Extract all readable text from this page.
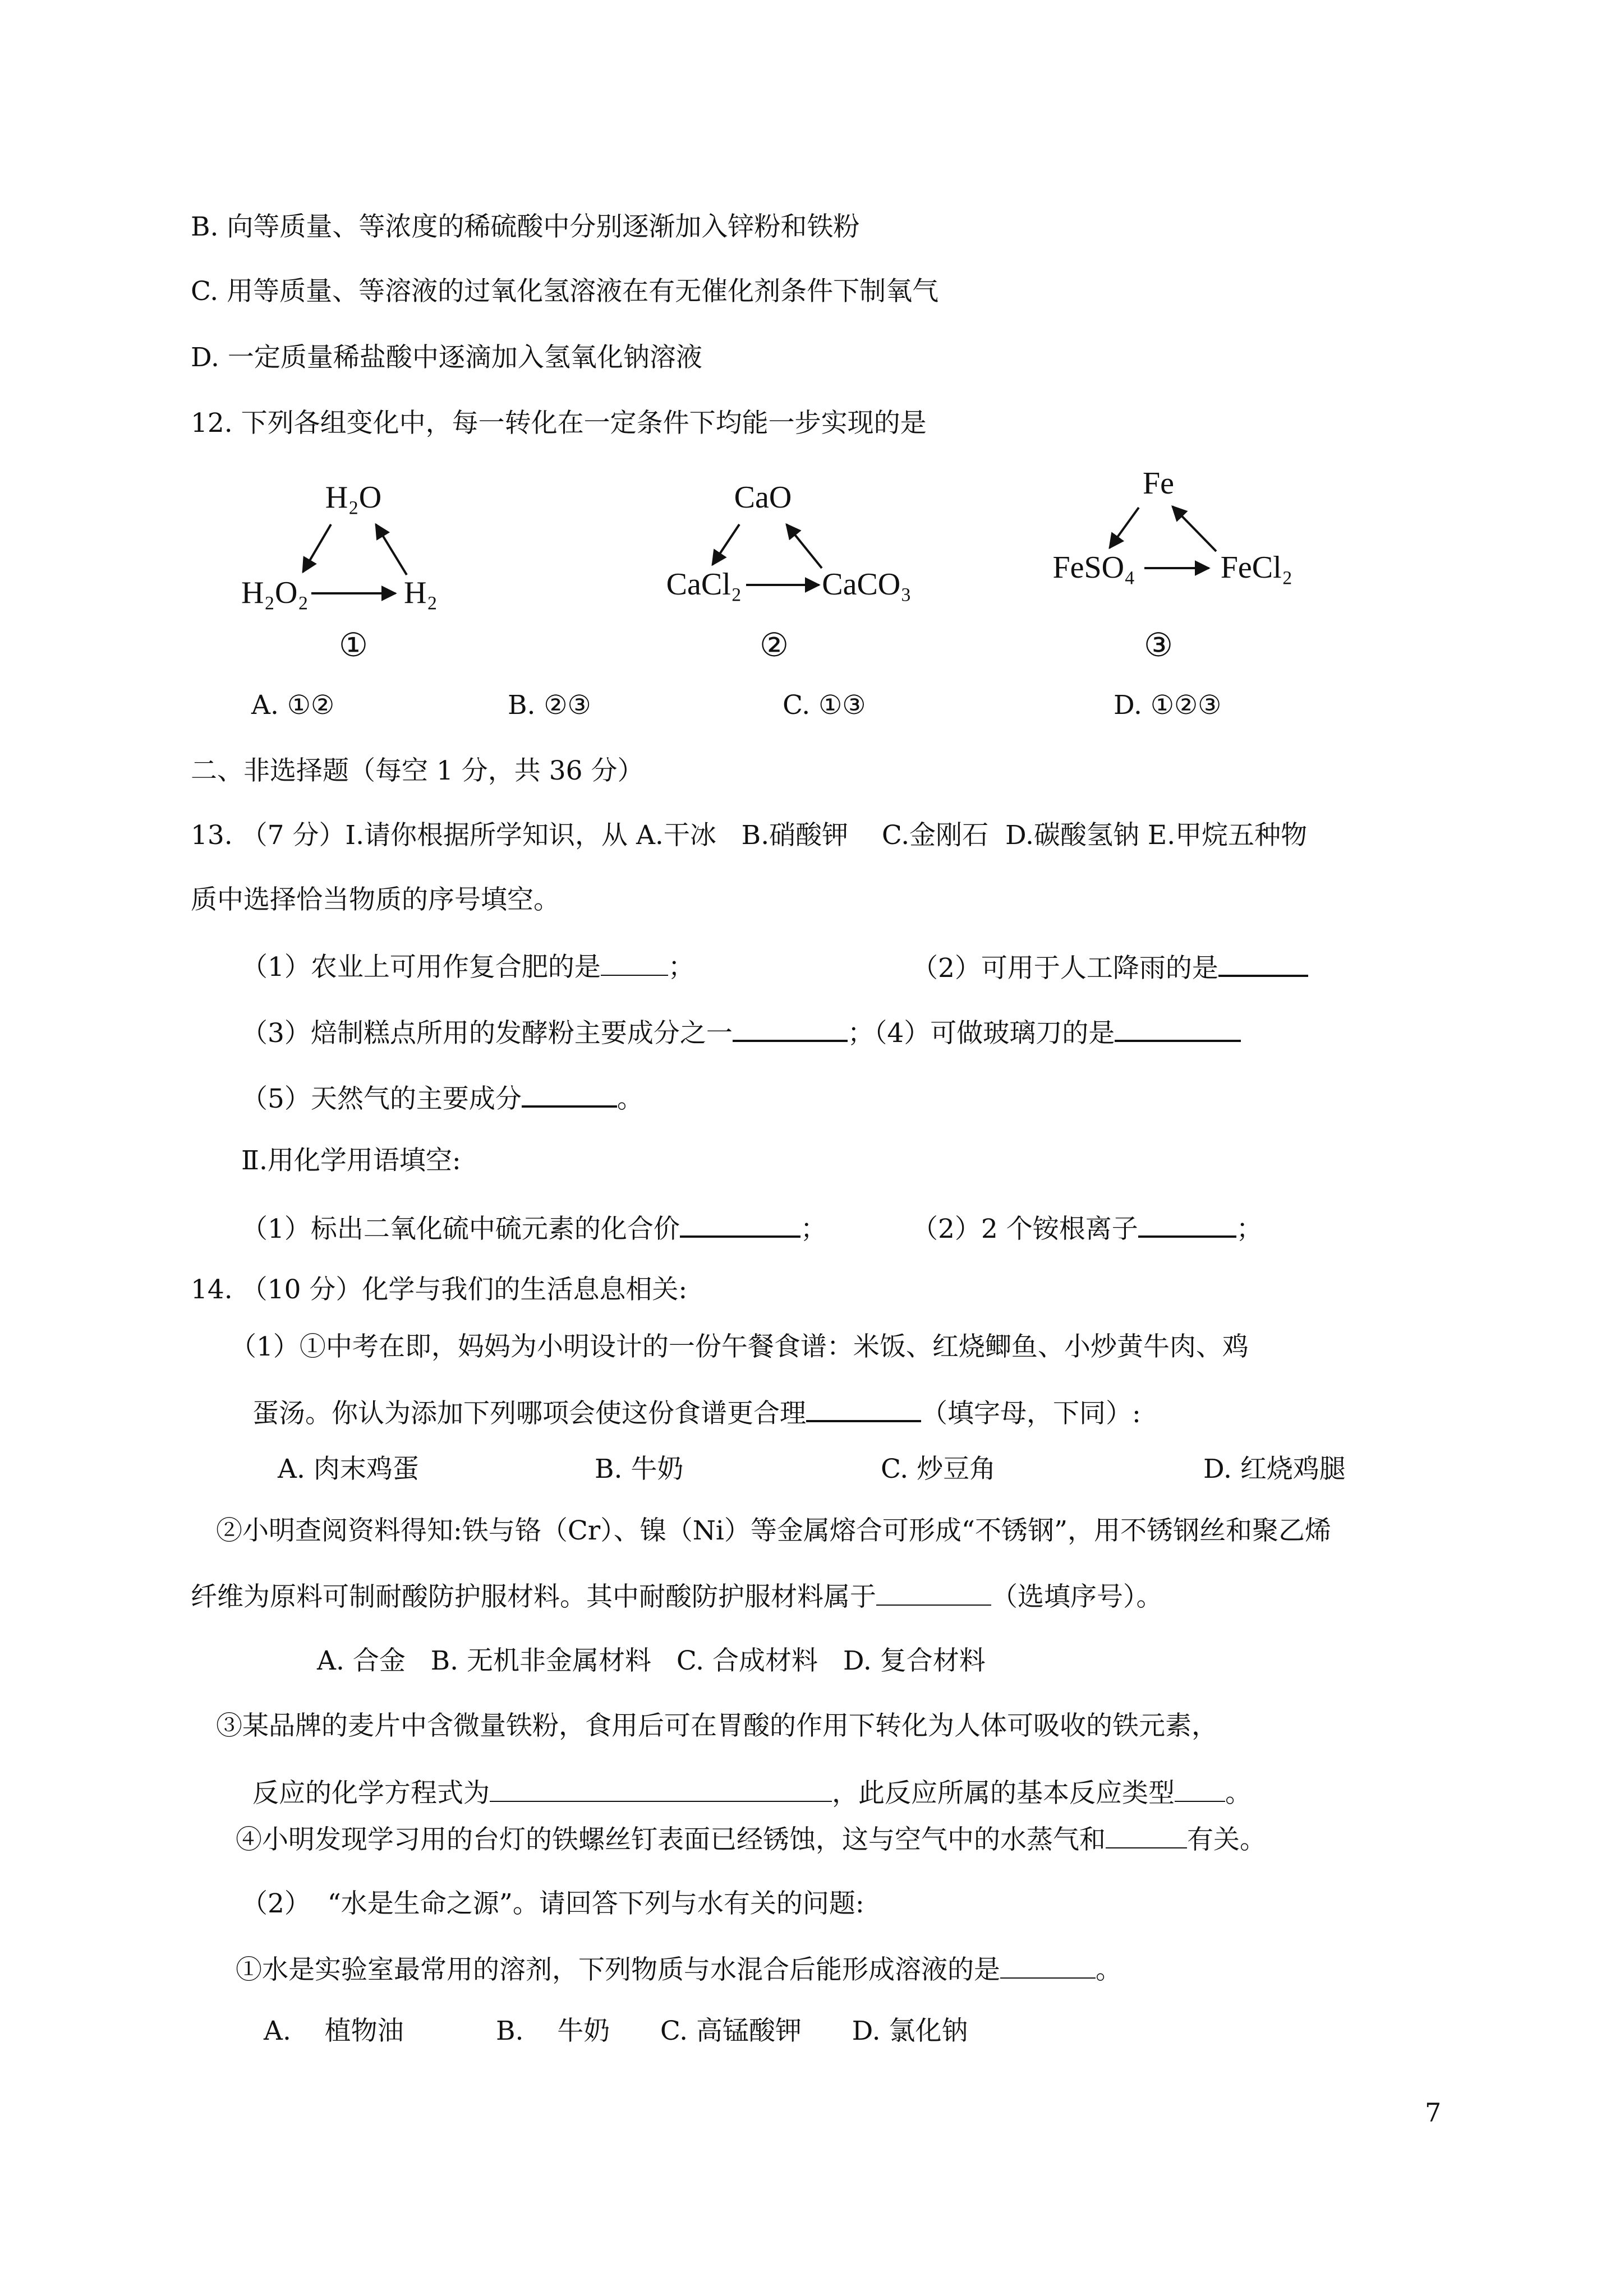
B. 向等质量、等浓度的稀硫酸中分别逐渐加入锌粉和铁粉
C. 用等质量、等溶液的过氧化氢溶液在有无催化剂条件下制氧气
D. 一定质量稀盐酸中逐滴加入氢氧化钠溶液
12. 下列各组变化中，每一转化在一定条件下均能一步实现的是
H₂O
H₂O₂	H₂
①
CaO
CaCl₂	CaCO₃
②
Fe
FeSO₄	FeCl₂
③
A. ①②	B. ②③	C. ①③	D. ①②③
二、非选择题（每空 1 分，共 36 分）
13. （7 分）Ⅰ.请你根据所学知识，从 A.干冰   B.硝酸钾    C.金刚石  D.碳酸氢钠 E.甲烷五种物
质中选择恰当物质的序号填空。
（1）农业上可用作复合肥的是	；	（2）可用于人工降雨的是
（3）焙制糕点所用的发酵粉主要成分之一	；（4）可做玻璃刀的是
（5）天然气的主要成分	。
Ⅱ.用化学用语填空:
（1）标出二氧化硫中硫元素的化合价	；	（2）2 个铵根离子	；
14. （10 分）化学与我们的生活息息相关:
（1）①中考在即，妈妈为小明设计的一份午餐食谱：米饭、红烧鲫鱼、小炒黄牛肉、鸡
蛋汤。你认为添加下列哪项会使这份食谱更合理	（填字母，下同）:
A. 肉末鸡蛋	B. 牛奶	C. 炒豆角	D. 红烧鸡腿
②小明查阅资料得知:铁与铬（Cr）、镍（Ni）等金属熔合可形成“不锈钢”，用不锈钢丝和聚乙烯
纤维为原料可制耐酸防护服材料。其中耐酸防护服材料属于	（选填序号）。
A. 合金   B. 无机非金属材料   C. 合成材料   D. 复合材料
③某品牌的麦片中含微量铁粉，食用后可在胃酸的作用下转化为人体可吸收的铁元素，
反应的化学方程式为	，此反应所属的基本反应类型 。
④小明发现学习用的台灯的铁螺丝钉表面已经锈蚀，这与空气中的水蒸气和	有关。
（2）  “水是生命之源”。请回答下列与水有关的问题:
①水是实验室最常用的溶剂，下列物质与水混合后能形成溶液的是	。
A.    植物油           B.    牛奶      C. 高锰酸钾      D. 氯化钠
7
